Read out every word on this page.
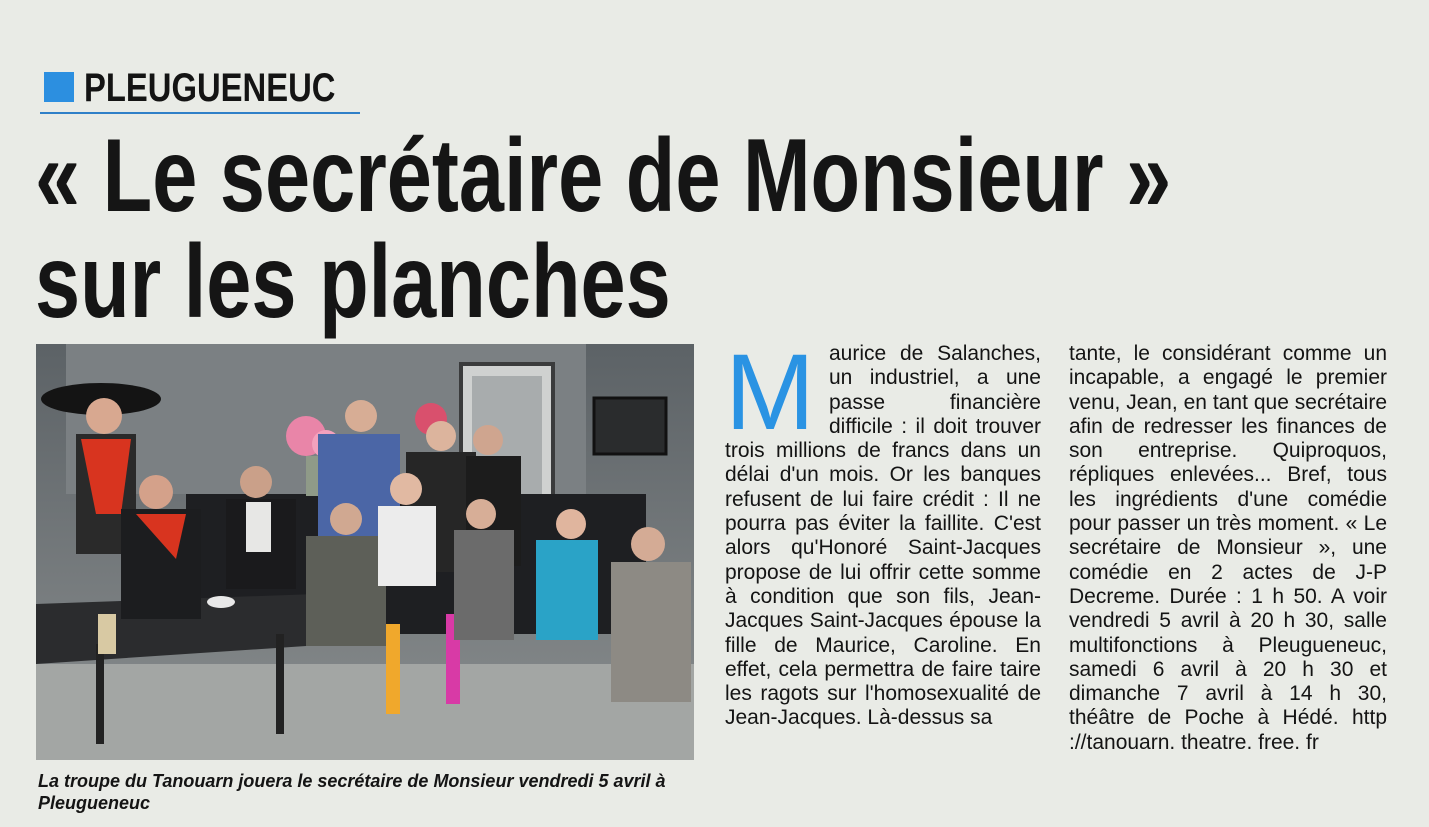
PLEUGUENEUC
« Le secrétaire de Monsieur »
sur les planches
La troupe du Tanouarn jouera le secrétaire de Monsieur vendredi 5 avril à Pleugueneuc
M aurice de Salanches, un industriel, a une passe financière difficile : il doit trouver trois millions de francs dans un délai d'un mois. Or les banques refusent de lui faire crédit : Il ne pourra pas éviter la faillite. C'est alors qu'Honoré Saint-Jacques propose de lui offrir cette somme à condition que son fils, Jean-Jacques Saint-Jacques épouse la fille de Maurice, Caroline. En effet, cela permettra de faire taire les ragots sur l'homosexualité de Jean-Jacques. Là-dessus sa
tante, le considérant comme un incapable, a engagé le premier venu, Jean, en tant que secrétaire afin de redresser les finances de son entreprise. Quiproquos, répliques enlevées... Bref, tous les ingrédients d'une comédie pour passer un très moment. « Le secrétaire de Monsieur », une comédie en 2 actes de J-P Decreme. Durée : 1 h 50. A voir vendredi 5 avril à 20 h 30, salle multifonctions à Pleugueneuc, samedi 6 avril à 20 h 30 et dimanche 7 avril à 14 h 30, théâtre de Poche à Hédé. http ://tanouarn. theatre. free. fr
